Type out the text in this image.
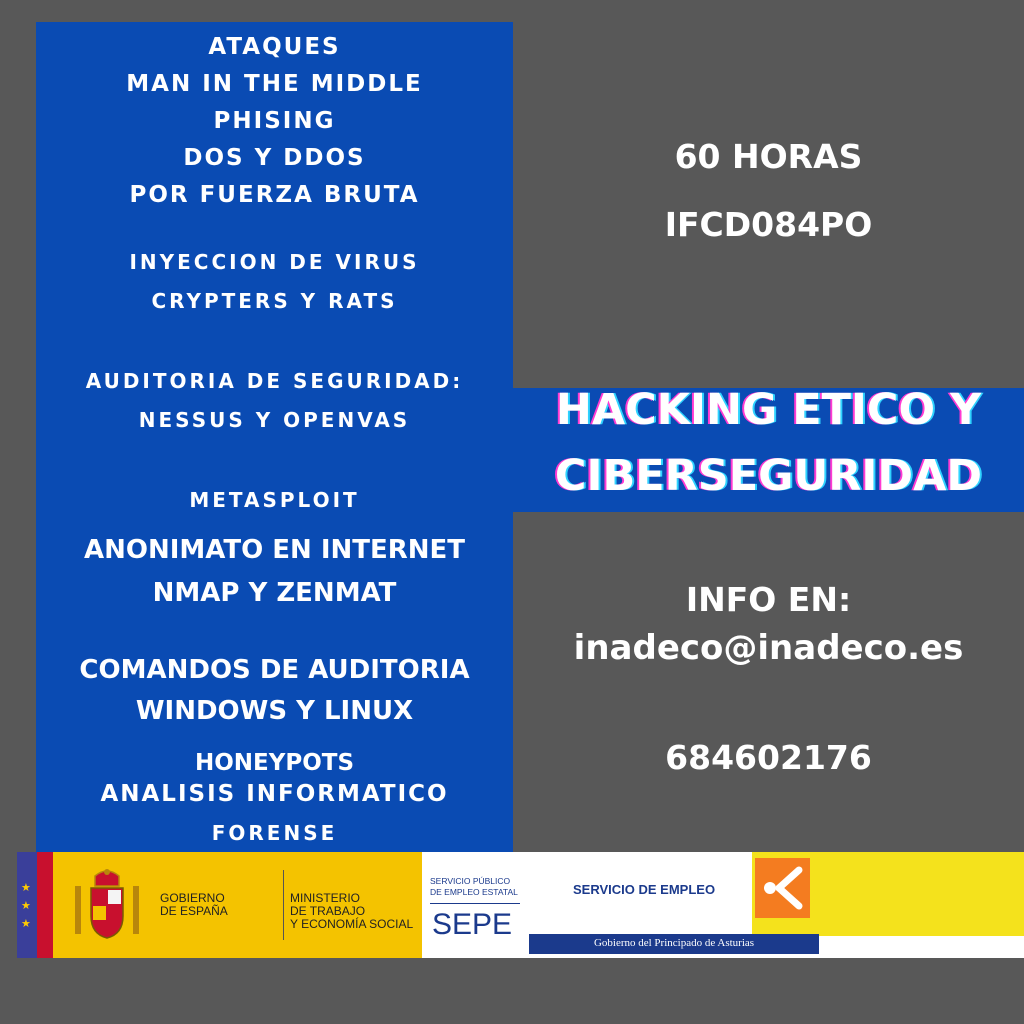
ATAQUES
MAN IN THE MIDDLE
PHISING
DOS Y DDOS
POR FUERZA BRUTA
INYECCION DE VIRUS
CRYPTERS Y RATS
AUDITORIA DE SEGURIDAD:
NESSUS Y OPENVAS
METASPLOIT
ANONIMATO EN INTERNET
NMAP Y ZENMAT
COMANDOS DE AUDITORIA
WINDOWS Y LINUX
HONEYPOTS
ANALISIS INFORMATICO
FORENSE
60 HORAS
IFCD084PO
HACKING ETICO Y
CIBERSEGURIDAD
INFO EN:
inadeco@inadeco.es
684602176
★
★
★
GOBIERNO
DE ESPAÑA
MINISTERIO
DE TRABAJO
Y ECONOMÍA SOCIAL
SERVICIO PÚBLICO
DE EMPLEO ESTATAL
SEPE
SERVICIO DE EMPLEO
Gobierno del Principado de Asturias
